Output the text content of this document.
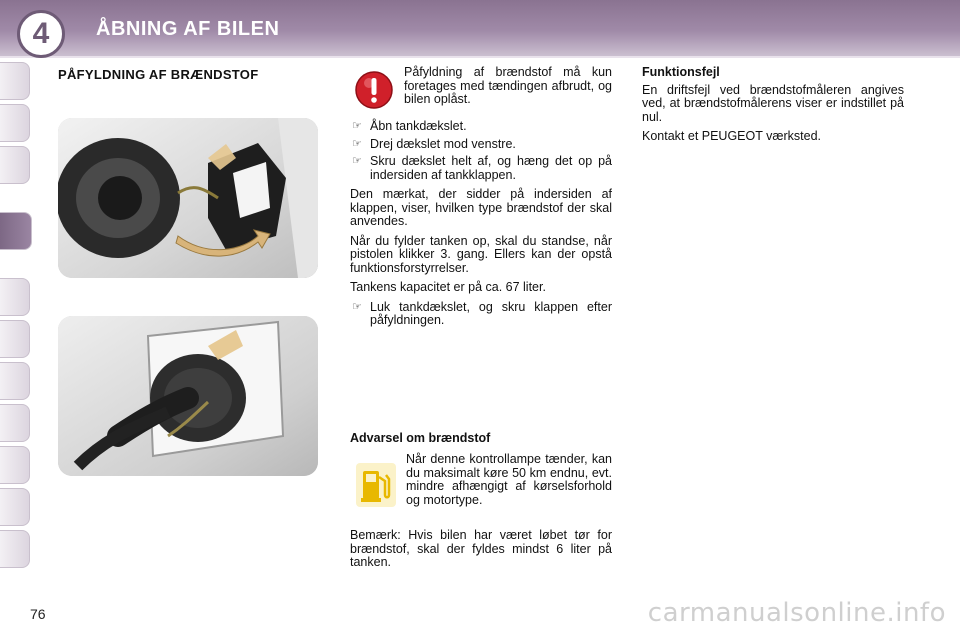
4 ÅBNING AF BILEN
PÅFYLDNING AF BRÆNDSTOF	Påfyldning af brændstof må kun foretages med tændingen afbrudt, og bilen oplåst.
☞ Åbn tankdækslet.
☞ Drej dækslet mod venstre.
☞ Skru dækslet helt af, og hæng det op på indersiden af tankklappen.

Den mærkat, der sidder på indersiden af klappen, viser, hvilken type brændstof der skal anvendes.

Når du fylder tanken op, skal du standse, når pistolen klikker 3. gang. Ellers kan der opstå funktionsforstyrrelser.

Tankens kapacitet er på ca. 67 liter.

☞ Luk tankdækslet, og skru klappen efter påfyldningen.
Advarsel om brændstof
Når denne kontrollampe tænder, kan du maksimalt køre 50 km endnu, evt. mindre afhængigt af kørselsforhold og motortype.

Bemærk: Hvis bilen har været løbet tør for brændstof, skal der fyldes mindst 6 liter på tanken.

Funktionsfejl

En driftsfejl ved brændstofmåleren angives ved, at brændstofmålerens viser er indstillet på nul.

Kontakt et PEUGEOT værksted.

76	carmanualsonline.info
